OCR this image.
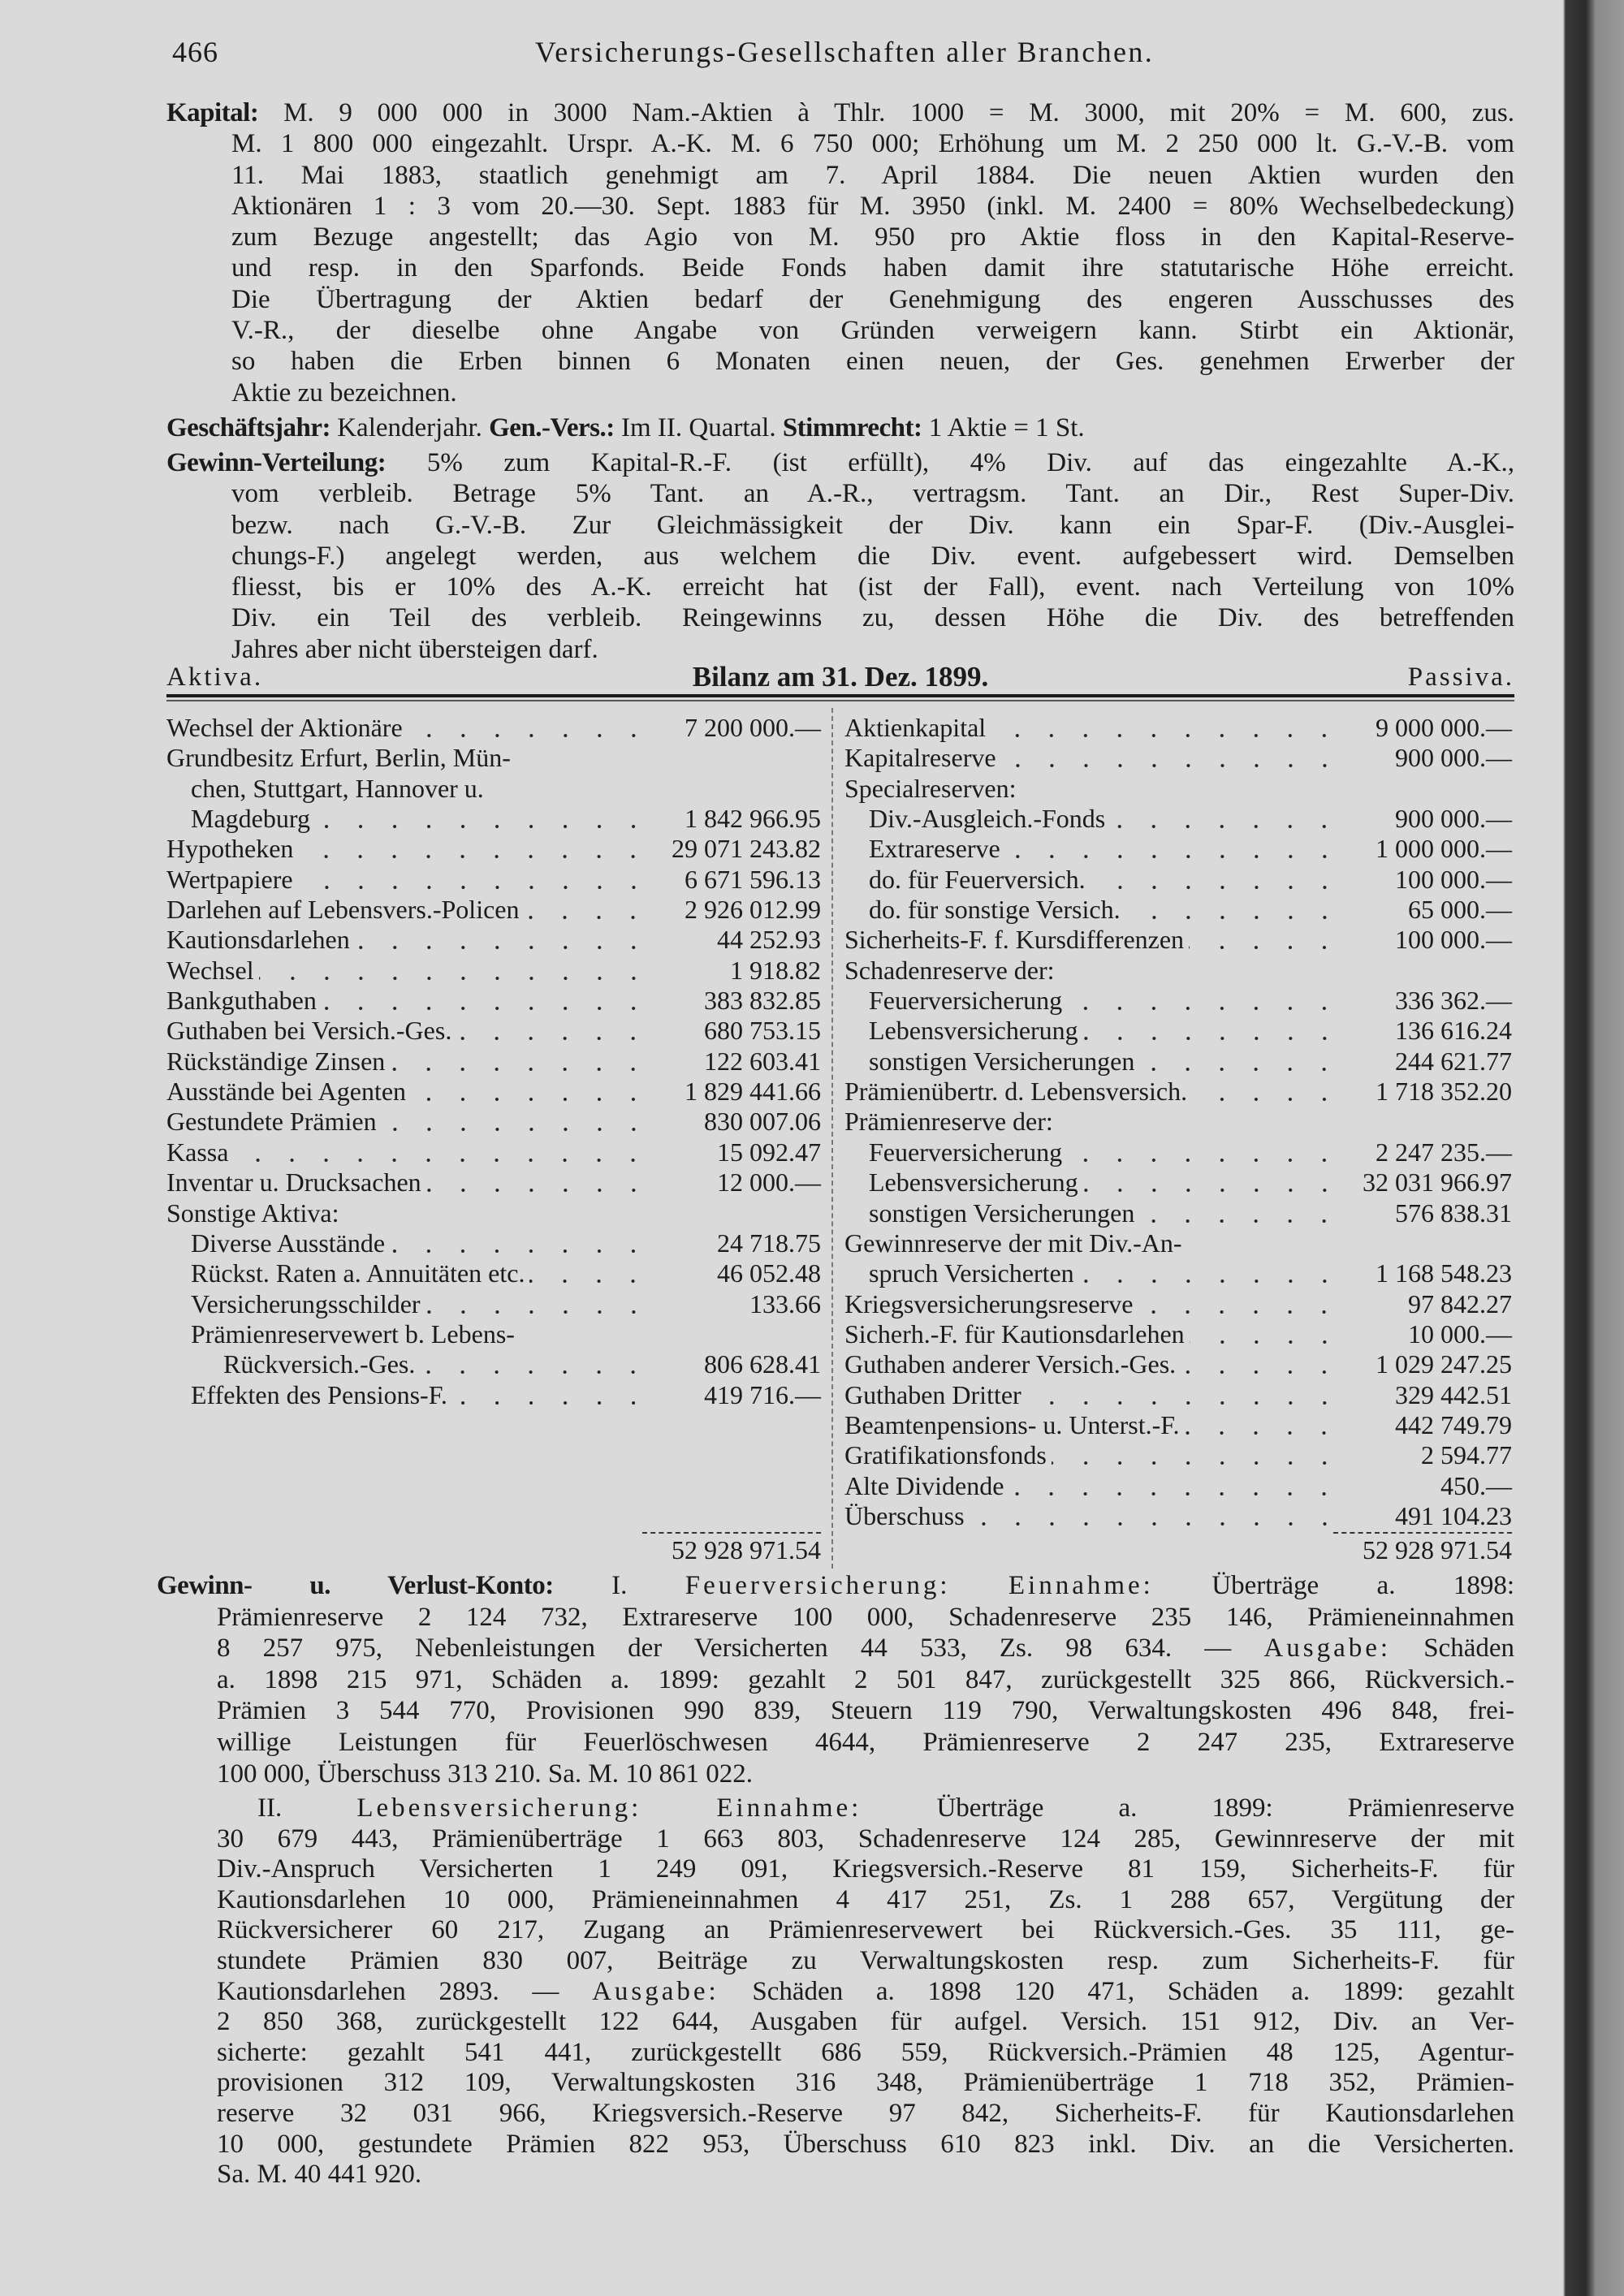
466	Versicherungs-Gesellschaften aller Branchen.
Kapital: M. 9 000 000 in 3000 Nam.-Aktien à Thlr. 1000 = M. 3000, mit 20% = M. 600, zus.
M. 1 800 000 eingezahlt. Urspr. A.-K. M. 6 750 000; Erhöhung um M. 2 250 000 lt. G.-V.-B. vom
11. Mai 1883, staatlich genehmigt am 7. April 1884. Die neuen Aktien wurden den
Aktionären 1 : 3 vom 20.—30. Sept. 1883 für M. 3950 (inkl. M. 2400 = 80% Wechselbedeckung)
zum Bezuge angestellt; das Agio von M. 950 pro Aktie floss in den Kapital-Reserve-
und resp. in den Sparfonds. Beide Fonds haben damit ihre statutarische Höhe erreicht.
Die Übertragung der Aktien bedarf der Genehmigung des engeren Ausschusses des
V.-R., der dieselbe ohne Angabe von Gründen verweigern kann. Stirbt ein Aktionär,
so haben die Erben binnen 6 Monaten einen neuen, der Ges. genehmen Erwerber der
Aktie zu bezeichnen.
Geschäftsjahr: Kalenderjahr. Gen.-Vers.: Im II. Quartal. Stimmrecht: 1 Aktie = 1 St.
Gewinn-Verteilung: 5% zum Kapital-R.-F. (ist erfüllt), 4% Div. auf das eingezahlte A.-K.,
vom verbleib. Betrage 5% Tant. an A.-R., vertragsm. Tant. an Dir., Rest Super-Div.
bezw. nach G.-V.-B. Zur Gleichmässigkeit der Div. kann ein Spar-F. (Div.-Ausglei-
chungs-F.) angelegt werden, aus welchem die Div. event. aufgebessert wird. Demselben
fliesst, bis er 10% des A.-K. erreicht hat (ist der Fall), event. nach Verteilung von 10%
Div. ein Teil des verbleib. Reingewinns zu, dessen Höhe die Div. des betreffenden
Jahres aber nicht übersteigen darf.
Aktiva.	Bilanz am 31. Dez. 1899.	Passiva.
Wechsel der Aktionäre	7 200 000.—
Grundbesitz Erfurt, Berlin, Mün-
chen, Stuttgart, Hannover u.
Magdeburg	1 842 966.95
Hypotheken	29 071 243.82
Wertpapiere	6 671 596.13
Darlehen auf Lebensvers.-Policen	2 926 012.99
Kautionsdarlehen	44 252.93
Wechsel	1 918.82
Bankguthaben	383 832.85
Guthaben bei Versich.-Ges.	680 753.15
Rückständige Zinsen	122 603.41
Ausstände bei Agenten	1 829 441.66
Gestundete Prämien	830 007.06
Kassa	15 092.47
Inventar u. Drucksachen	12 000.—
Sonstige Aktiva:
Diverse Ausstände	24 718.75
Rückst. Raten a. Annuitäten etc.	46 052.48
Versicherungsschilder	133.66
Prämienreservewert b. Lebens-
Rückversich.-Ges.	806 628.41
Effekten des Pensions-F.	419 716.—
Aktienkapital	9 000 000.—
Kapitalreserve	900 000.—
Specialreserven:
Div.-Ausgleich.-Fonds	900 000.—
Extrareserve	1 000 000.—
do. für Feuerversich.	100 000.—
do. für sonstige Versich.	65 000.—
Sicherheits-F. f. Kursdifferenzen	100 000.—
Schadenreserve der:
Feuerversicherung	336 362.—
Lebensversicherung	136 616.24
sonstigen Versicherungen	244 621.77
Prämienübertr. d. Lebensversich.	1 718 352.20
Prämienreserve der:
Feuerversicherung	2 247 235.—
Lebensversicherung	32 031 966.97
sonstigen Versicherungen	576 838.31
Gewinnreserve der mit Div.-An-
spruch Versicherten	1 168 548.23
Kriegsversicherungsreserve	97 842.27
Sicherh.-F. für Kautionsdarlehen	10 000.—
Guthaben anderer Versich.-Ges.	1 029 247.25
Guthaben Dritter	329 442.51
Beamtenpensions- u. Unterst.-F.	442 749.79
Gratifikationsfonds	2 594.77
Alte Dividende	450.—
Überschuss	491 104.23
52 928 971.54	52 928 971.54
Gewinn- u. Verlust-Konto: I. Feuerversicherung: Einnahme: Überträge a. 1898:
Prämienreserve 2 124 732, Extrareserve 100 000, Schadenreserve 235 146, Prämieneinnahmen
8 257 975, Nebenleistungen der Versicherten 44 533, Zs. 98 634. — Ausgabe: Schäden
a. 1898 215 971, Schäden a. 1899: gezahlt 2 501 847, zurückgestellt 325 866, Rückversich.-
Prämien 3 544 770, Provisionen 990 839, Steuern 119 790, Verwaltungskosten 496 848, frei-
willige Leistungen für Feuerlöschwesen 4644, Prämienreserve 2 247 235, Extrareserve
100 000, Überschuss 313 210. Sa. M. 10 861 022.
II. Lebensversicherung:	Einnahme: Überträge a. 1899: Prämienreserve
30 679 443, Prämienüberträge 1 663 803, Schadenreserve 124 285, Gewinnreserve der mit
Div.-Anspruch Versicherten 1 249 091, Kriegsversich.-Reserve 81 159, Sicherheits-F. für
Kautionsdarlehen 10 000, Prämieneinnahmen 4 417 251, Zs. 1 288 657, Vergütung der
Rückversicherer 60 217, Zugang an Prämienreservewert bei Rückversich.-Ges. 35 111, ge-
stundete Prämien 830 007, Beiträge zu Verwaltungskosten resp. zum Sicherheits-F. für
Kautionsdarlehen 2893. — Ausgabe: Schäden a. 1898 120 471, Schäden a. 1899: gezahlt
2 850 368, zurückgestellt 122 644, Ausgaben für aufgel. Versich. 151 912, Div. an Ver-
sicherte: gezahlt 541 441, zurückgestellt 686 559, Rückversich.-Prämien 48 125, Agentur-
provisionen 312 109, Verwaltungskosten 316 348, Prämienüberträge 1 718 352, Prämien-
reserve 32 031 966, Kriegsversich.-Reserve 97 842, Sicherheits-F. für Kautionsdarlehen
10 000, gestundete Prämien 822 953, Überschuss 610 823 inkl. Div. an die Versicherten.
Sa. M. 40 441 920.
